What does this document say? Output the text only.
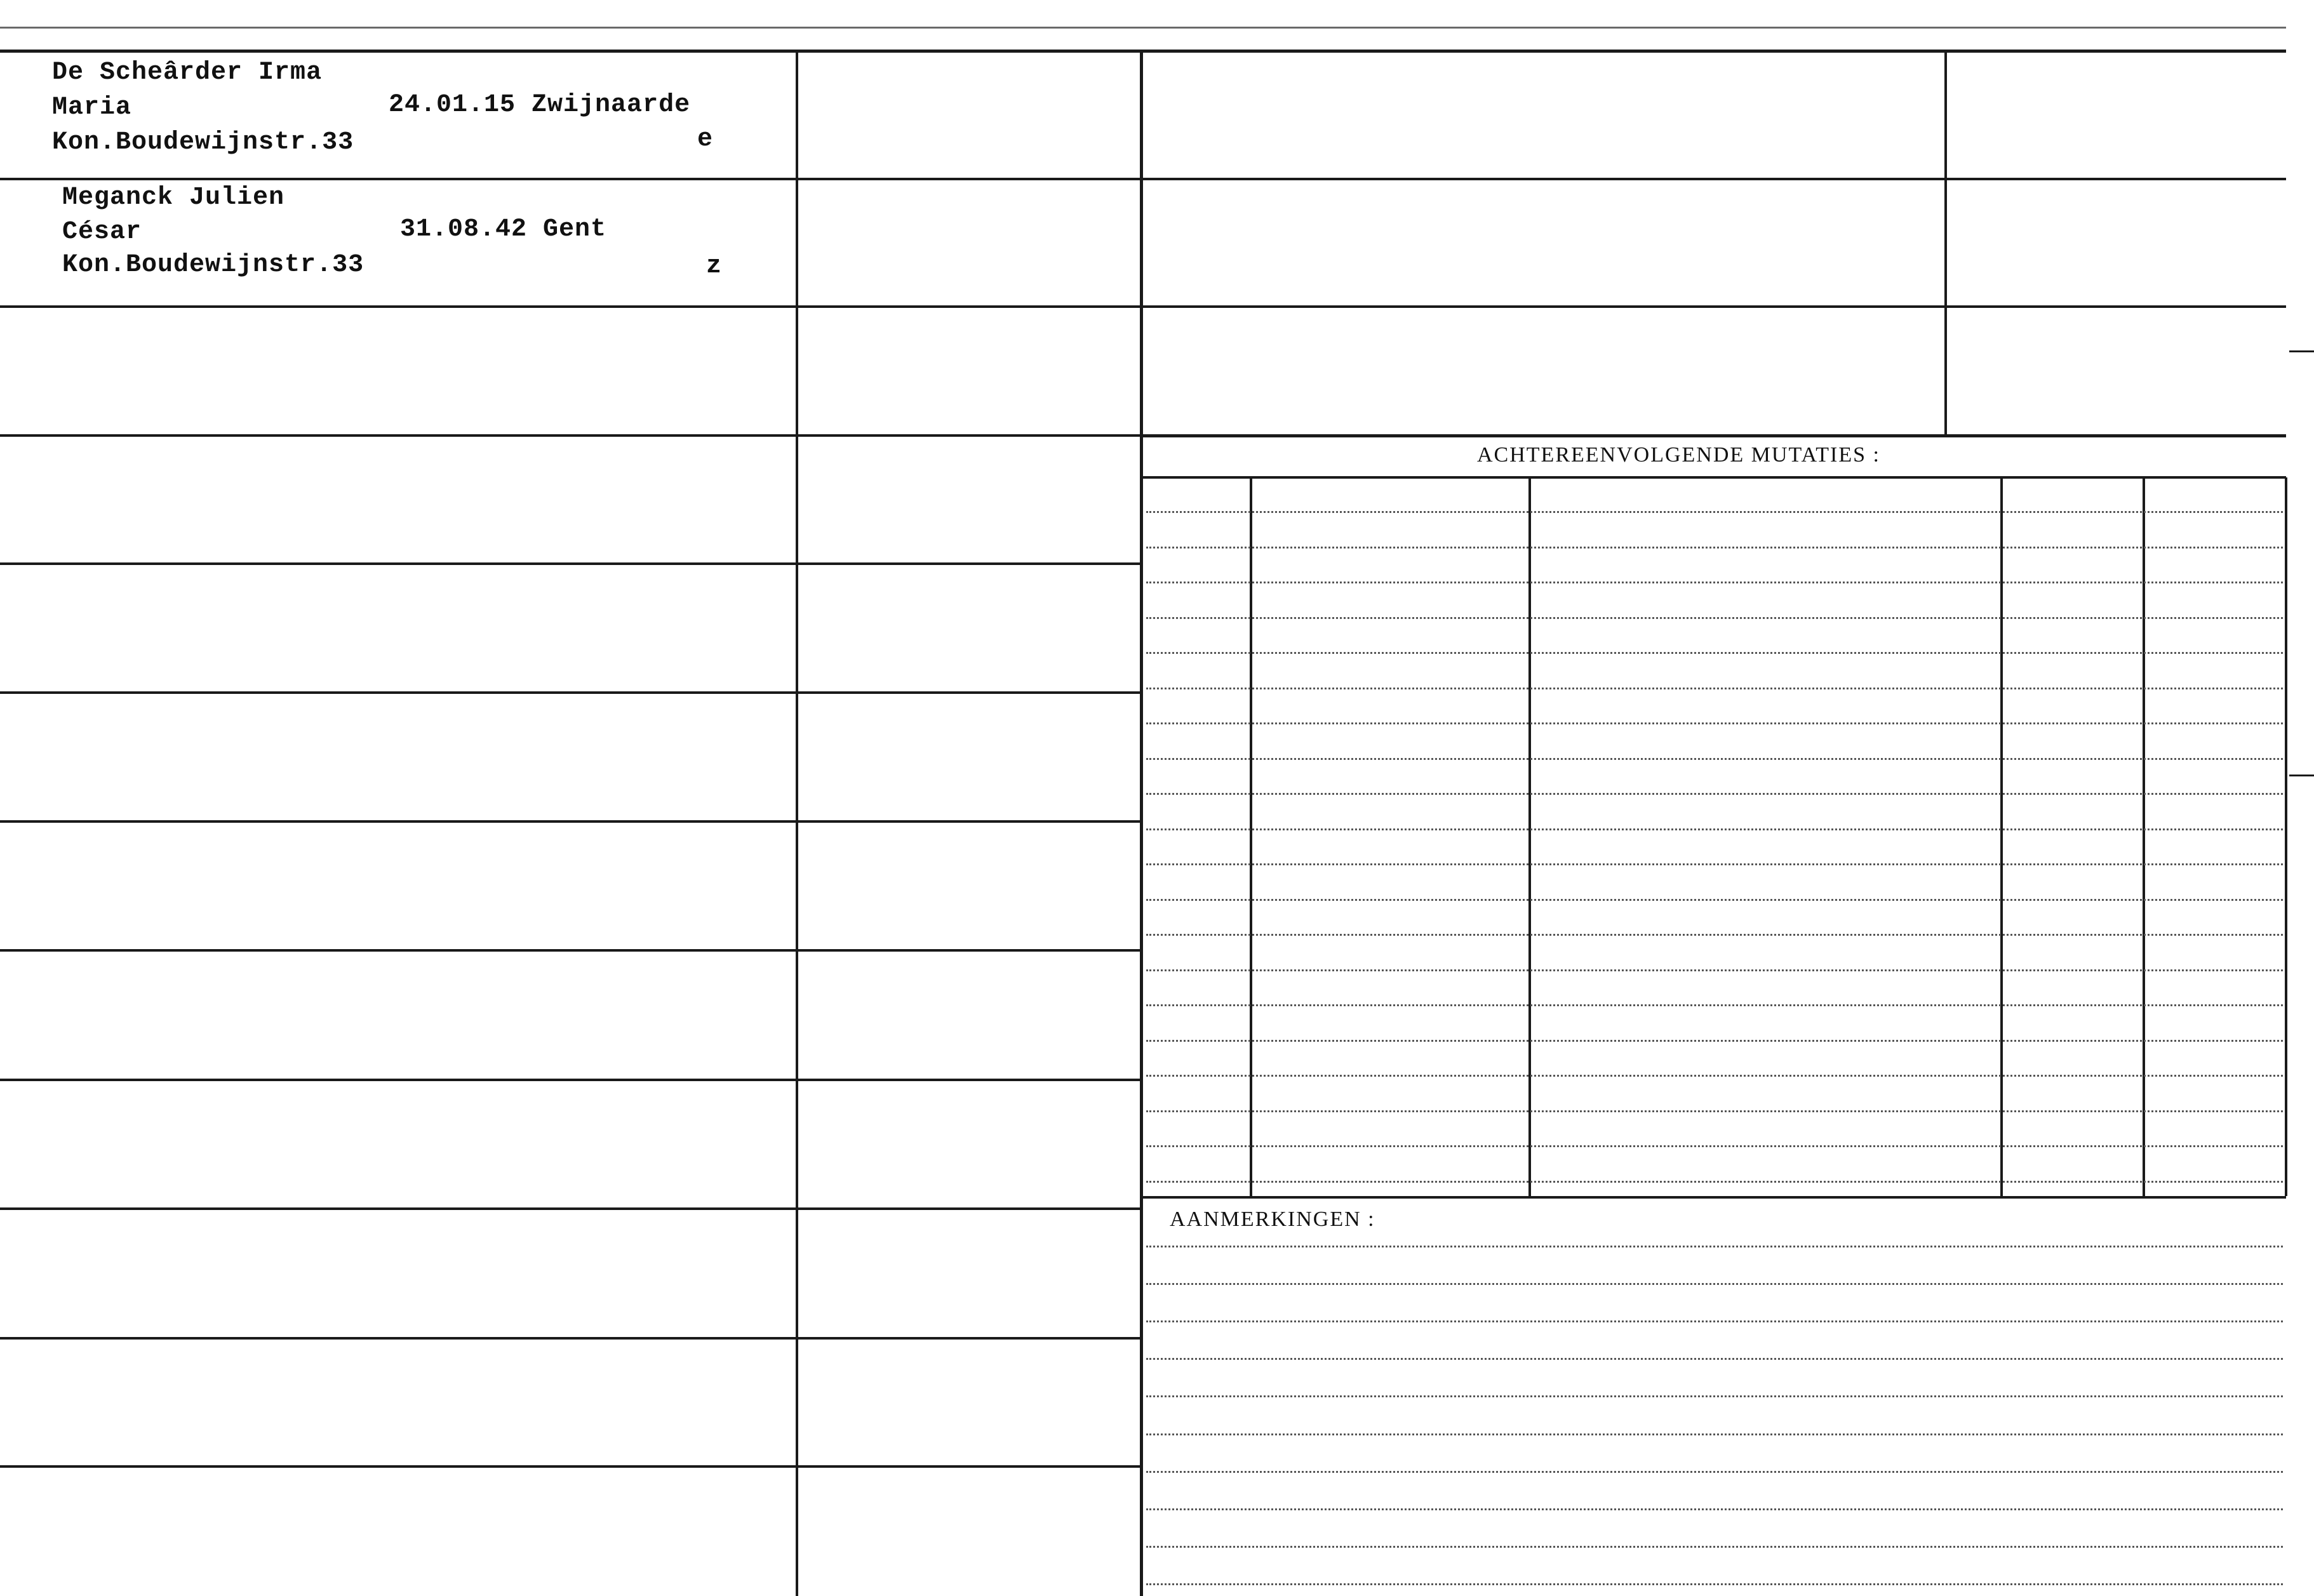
De Scheârder Irma
Maria	24.01.15 Zwijnaarde
Kon.Boudewijnstr.33	e
Meganck Julien
César	31.08.42 Gent
Kon.Boudewijnstr.33	z
ACHTEREENVOLGENDE MUTATIES :
AANMERKINGEN :
